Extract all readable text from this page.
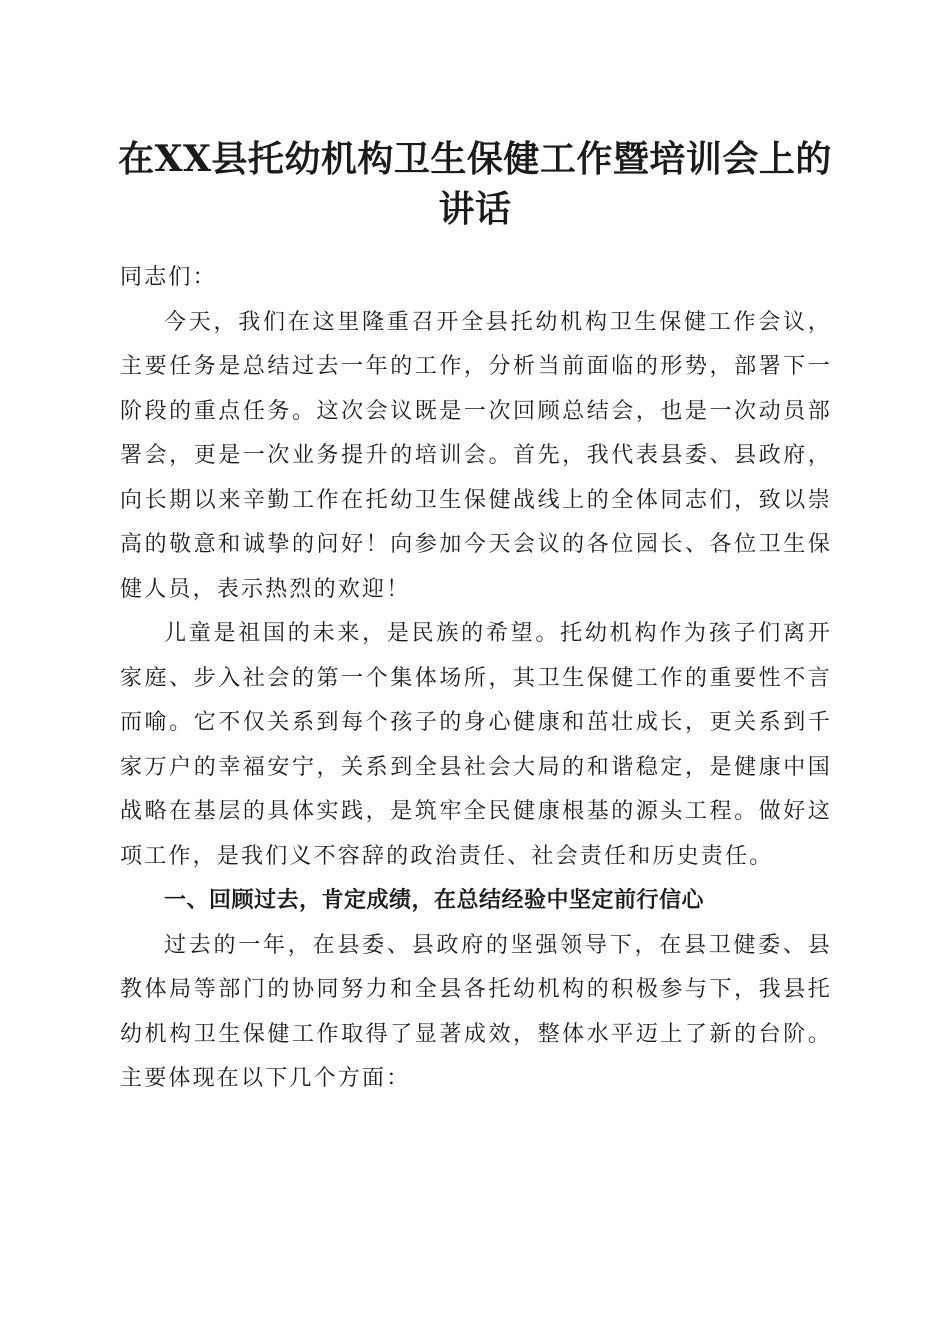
在XX县托幼机构卫生保健工作暨培训会上的讲话

同志们：

今天，我们在这里隆重召开全县托幼机构卫生保健工作会议，主要任务是总结过去一年的工作，分析当前面临的形势，部署下一阶段的重点任务。这次会议既是一次回顾总结会，也是一次动员部署会，更是一次业务提升的培训会。首先，我代表县委、县政府，向长期以来辛勤工作在托幼卫生保健战线上的全体同志们，致以崇高的敬意和诚挚的问好！向参加今天会议的各位园长、各位卫生保健人员，表示热烈的欢迎！

儿童是祖国的未来，是民族的希望。托幼机构作为孩子们离开家庭、步入社会的第一个集体场所，其卫生保健工作的重要性不言而喻。它不仅关系到每个孩子的身心健康和茁壮成长，更关系到千家万户的幸福安宁，关系到全县社会大局的和谐稳定，是健康中国战略在基层的具体实践，是筑牢全民健康根基的源头工程。做好这项工作，是我们义不容辞的政治责任、社会责任和历史责任。

一、回顾过去，肯定成绩，在总结经验中坚定前行信心

过去的一年，在县委、县政府的坚强领导下，在县卫健委、县教体局等部门的协同努力和全县各托幼机构的积极参与下，我县托幼机构卫生保健工作取得了显著成效，整体水平迈上了新的台阶。主要体现在以下几个方面：
